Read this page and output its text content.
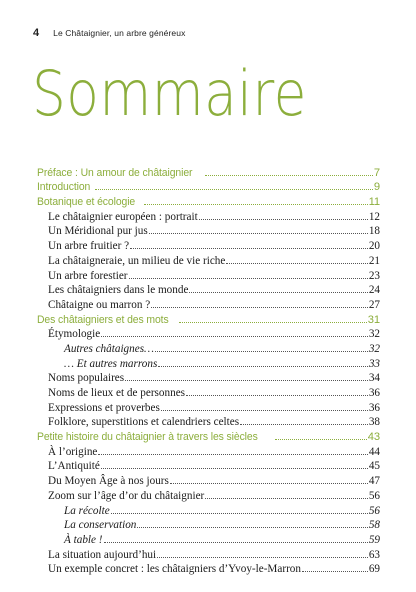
4 Le Châtaignier, un arbre généreux
Sommaire
Préface : Un amour de châtaignier	7
Introduction	9
Botanique et écologie	11
Le châtaignier européen : portrait	12
Un Méridional pur jus	18
Un arbre fruitier ?	20
La châtaigneraie, un milieu de vie riche	21
Un arbre forestier	23
Les châtaigniers dans le monde	24
Châtaigne ou marron ?	27
Des châtaigniers et des mots	31
Étymologie	32
Autres châtaignes…	32
… Et autres marrons	33
Noms populaires	34
Noms de lieux et de personnes	36
Expressions et proverbes	36
Folklore, superstitions et calendriers celtes	38
Petite histoire du châtaignier à travers les siècles	43
À l’origine	44
L’Antiquité	45
Du Moyen Âge à nos jours	47
Zoom sur l’âge d’or du châtaignier	56
La récolte	56
La conservation	58
À table !	59
La situation aujourd’hui	63
Un exemple concret : les châtaigniers d’Yvoy-le-Marron	69
